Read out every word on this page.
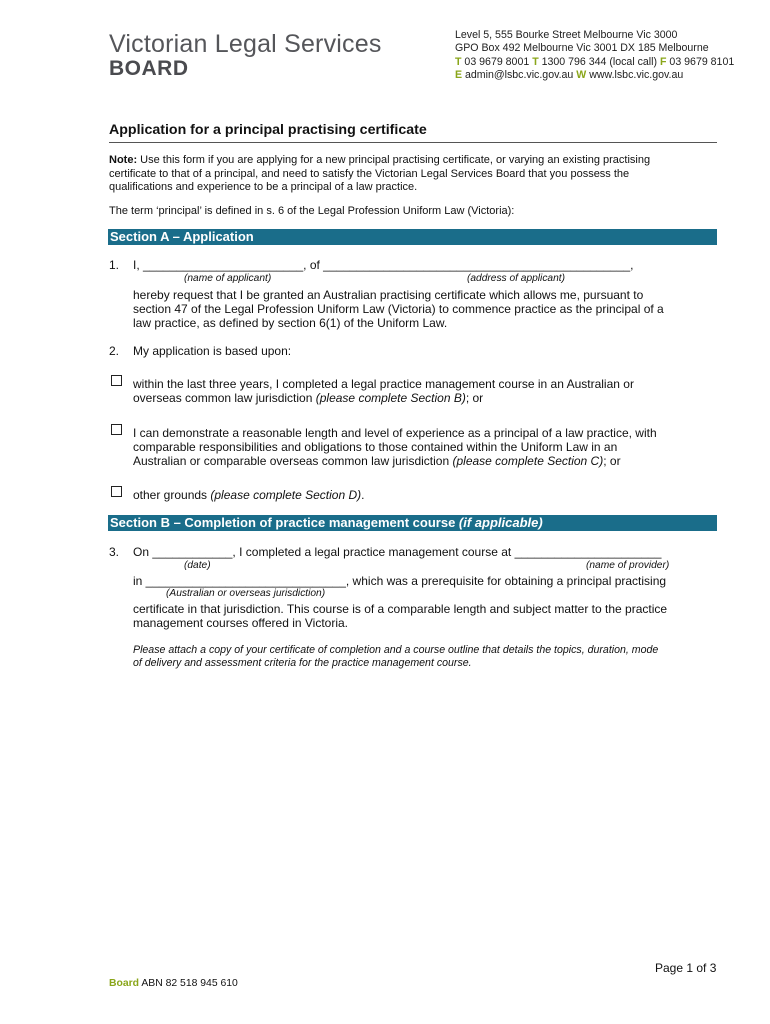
Victorian Legal Services
BOARD
Level 5, 555 Bourke Street Melbourne Vic 3000
GPO Box 492 Melbourne Vic 3001 DX 185 Melbourne
T 03 9679 8001 T 1300 796 344 (local call) F 03 9679 8101
E admin@lsbc.vic.gov.au W www.lsbc.vic.gov.au
Application for a principal practising certificate
Note: Use this form if you are applying for a new principal practising certificate, or varying an existing practising
certificate to that of a principal, and need to satisfy the Victorian Legal Services Board that you possess the
qualifications and experience to be a principal of a law practice.
The term ‘principal’ is defined in s. 6 of the Legal Profession Uniform Law (Victoria):
Section A – Application
1. I, ________________________, of ______________________________________________,
(name of applicant)	(address of applicant)
hereby request that I be granted an Australian practising certificate which allows me, pursuant to
section 47 of the Legal Profession Uniform Law (Victoria) to commence practice as the principal of a
law practice, as defined by section 6(1) of the Uniform Law.
2. My application is based upon:
within the last three years, I completed a legal practice management course in an Australian or
overseas common law jurisdiction (please complete Section B); or
I can demonstrate a reasonable length and level of experience as a principal of a law practice, with
comparable responsibilities and obligations to those contained within the Uniform Law in an
Australian or comparable overseas common law jurisdiction (please complete Section C); or
other grounds (please complete Section D).
Section B – Completion of practice management course (if applicable)
3. On ____________, I completed a legal practice management course at ______________________
(date)	(name of provider)
in ______________________________, which was a prerequisite for obtaining a principal practising
(Australian or overseas jurisdiction)
certificate in that jurisdiction. This course is of a comparable length and subject matter to the practice
management courses offered in Victoria.
Please attach a copy of your certificate of completion and a course outline that details the topics, duration, mode
of delivery and assessment criteria for the practice management course.
Page 1 of 3
Board ABN 82 518 945 610
